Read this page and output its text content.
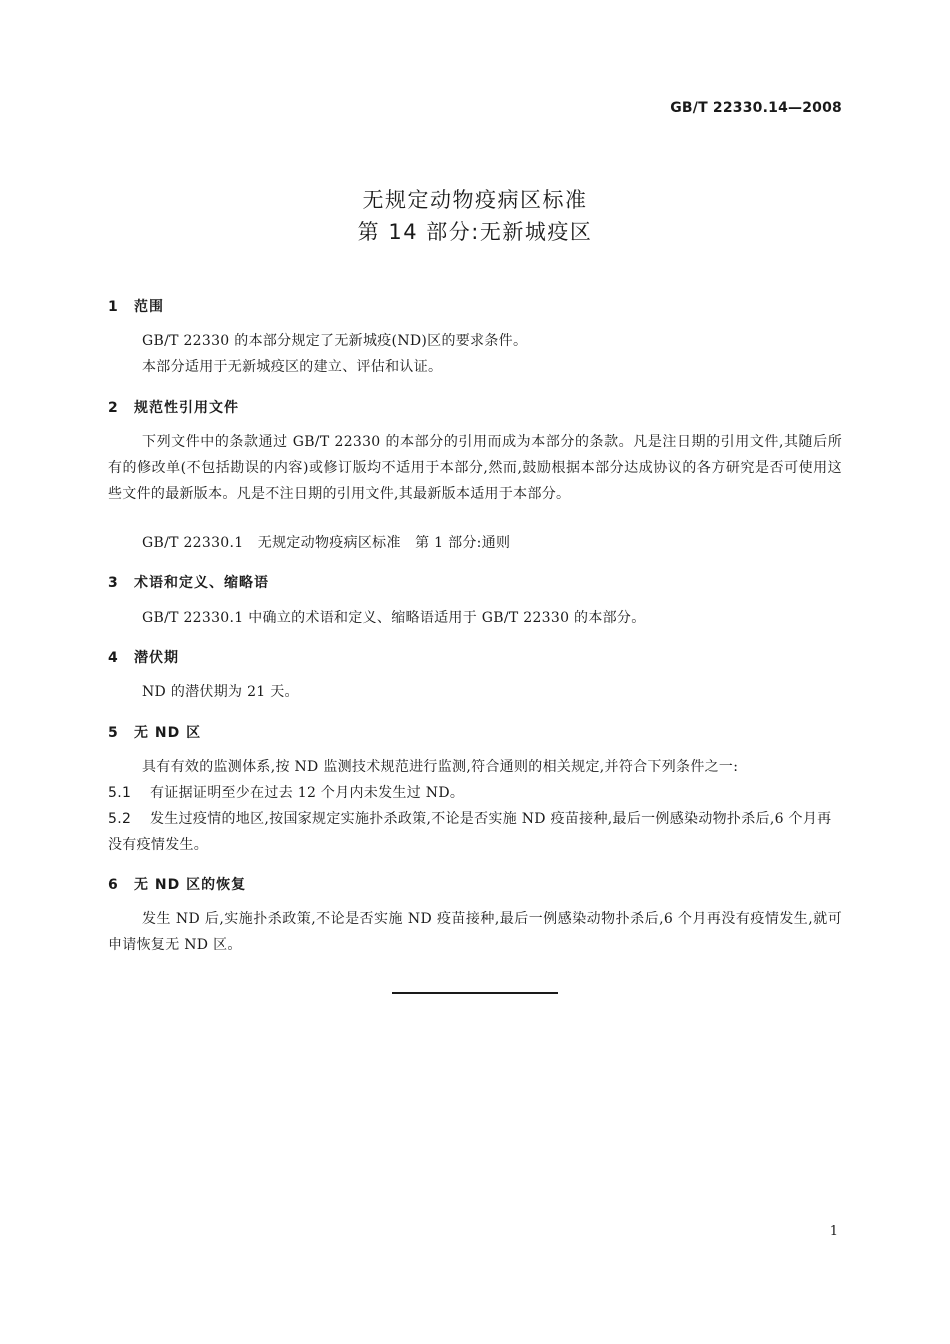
GB/T 22330.14—2008
无规定动物疫病区标准
第 14 部分:无新城疫区
1 范围
GB/T 22330 的本部分规定了无新城疫(ND)区的要求条件。
本部分适用于无新城疫区的建立、评估和认证。
2 规范性引用文件
下列文件中的条款通过 GB/T 22330 的本部分的引用而成为本部分的条款。凡是注日期的引用文件,其随后所有的修改单(不包括勘误的内容)或修订版均不适用于本部分,然而,鼓励根据本部分达成协议的各方研究是否可使用这些文件的最新版本。凡是不注日期的引用文件,其最新版本适用于本部分。
GB/T 22330.1　无规定动物疫病区标准　第 1 部分:通则
3 术语和定义、缩略语
GB/T 22330.1 中确立的术语和定义、缩略语适用于 GB/T 22330 的本部分。
4 潜伏期
ND 的潜伏期为 21 天。
5 无 ND 区
具有有效的监测体系,按 ND 监测技术规范进行监测,符合通则的相关规定,并符合下列条件之一:
5.1 有证据证明至少在过去 12 个月内未发生过 ND。
5.2 发生过疫情的地区,按国家规定实施扑杀政策,不论是否实施 ND 疫苗接种,最后一例感染动物扑杀后,6 个月再没有疫情发生。
6 无 ND 区的恢复
发生 ND 后,实施扑杀政策,不论是否实施 ND 疫苗接种,最后一例感染动物扑杀后,6 个月再没有疫情发生,就可申请恢复无 ND 区。
1
